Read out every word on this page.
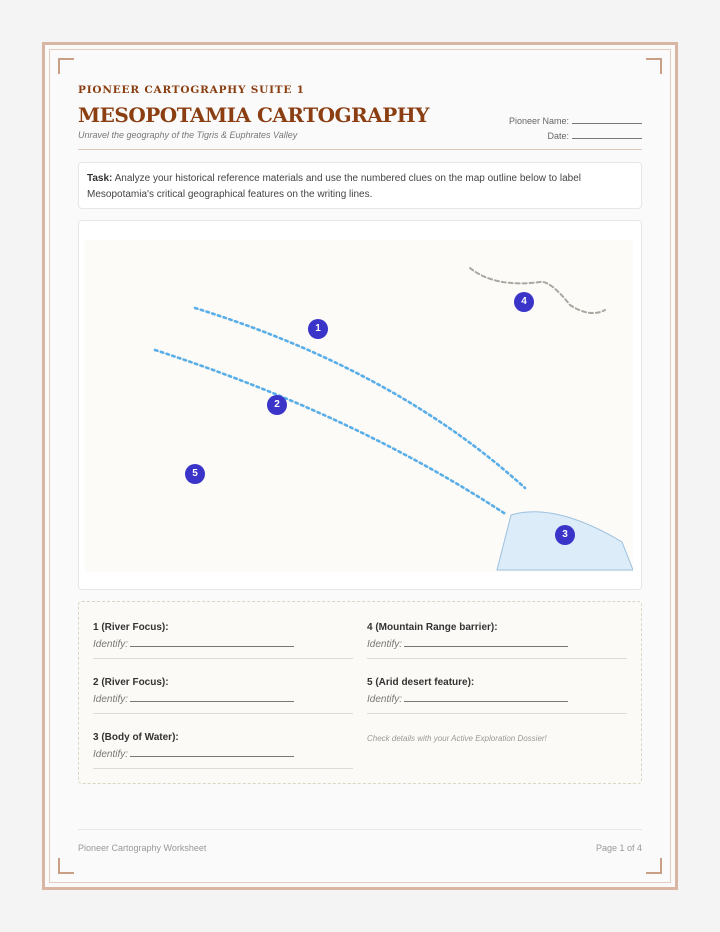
PIONEER CARTOGRAPHY SUITE 1
MESOPOTAMIA CARTOGRAPHY
Unravel the geography of the Tigris & Euphrates Valley
Pioneer Name:
Date:
Task: Analyze your historical reference materials and use the numbered clues on the map outline below to label Mesopotamia's critical geographical features on the writing lines.
1
2
3
4
5
1 (River Focus):
Identify:
2 (River Focus):
Identify:
3 (Body of Water):
Identify:
4 (Mountain Range barrier):
Identify:
5 (Arid desert feature):
Identify:
Check details with your Active Exploration Dossier!
Pioneer Cartography Worksheet	Page 1 of 4
